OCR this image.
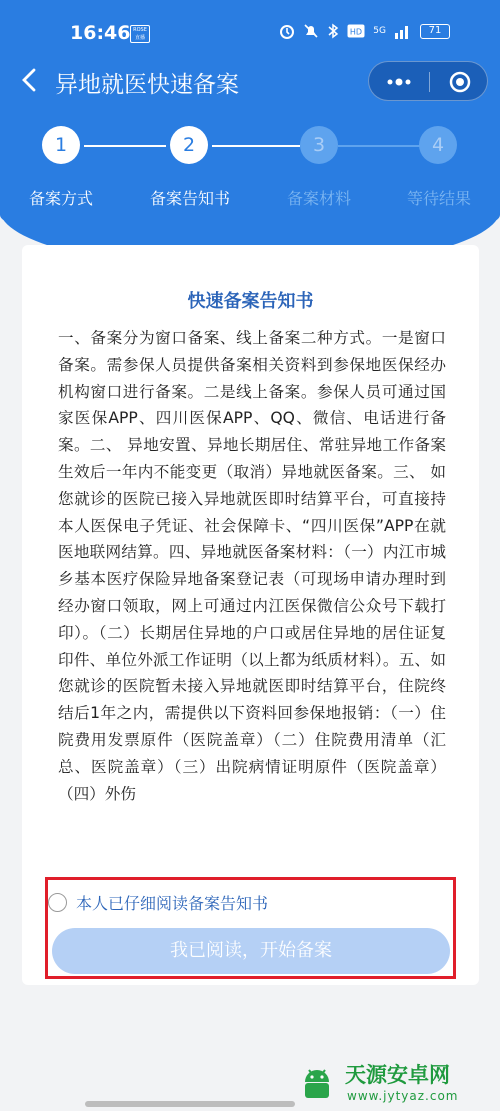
16:46 ROSE 直播
HD 5G	71
异地就医快速备案
1	2	3	4
备案方式	备案告知书	备案材料	等待结果
快速备案告知书
一、备案分为窗口备案、线上备案二种方式。一是窗口备案。需参保人员提供备案相关资料到参保地医保经办机构窗口进行备案。二是线上备案。参保人员可通过国家医保APP、四川医保APP、QQ、微信、电话进行备案。二、 异地安置、异地长期居住、常驻异地工作备案生效后一年内不能变更（取消）异地就医备案。三、 如您就诊的医院已接入异地就医即时结算平台，可直接持本人医保电子凭证、社会保障卡、“四川医保”APP在就医地联网结算。四、异地就医备案材料：（一）内江市城乡基本医疗保险异地备案登记表（可现场申请办理时到经办窗口领取，网上可通过内江医保微信公众号下载打印）。（二）长期居住异地的户口或居住异地的居住证复印件、单位外派工作证明（以上都为纸质材料）。五、如您就诊的医院暂未接入异地就医即时结算平台，住院终结后1年之内，需提供以下资料回参保地报销：（一）住院费用发票原件（医院盖章）（二）住院费用清单（汇总、医院盖章）（三）出院病情证明原件（医院盖章）（四）外伤
本人已仔细阅读备案告知书
我已阅读，开始备案
天源安卓网
www.jytyaz.com
